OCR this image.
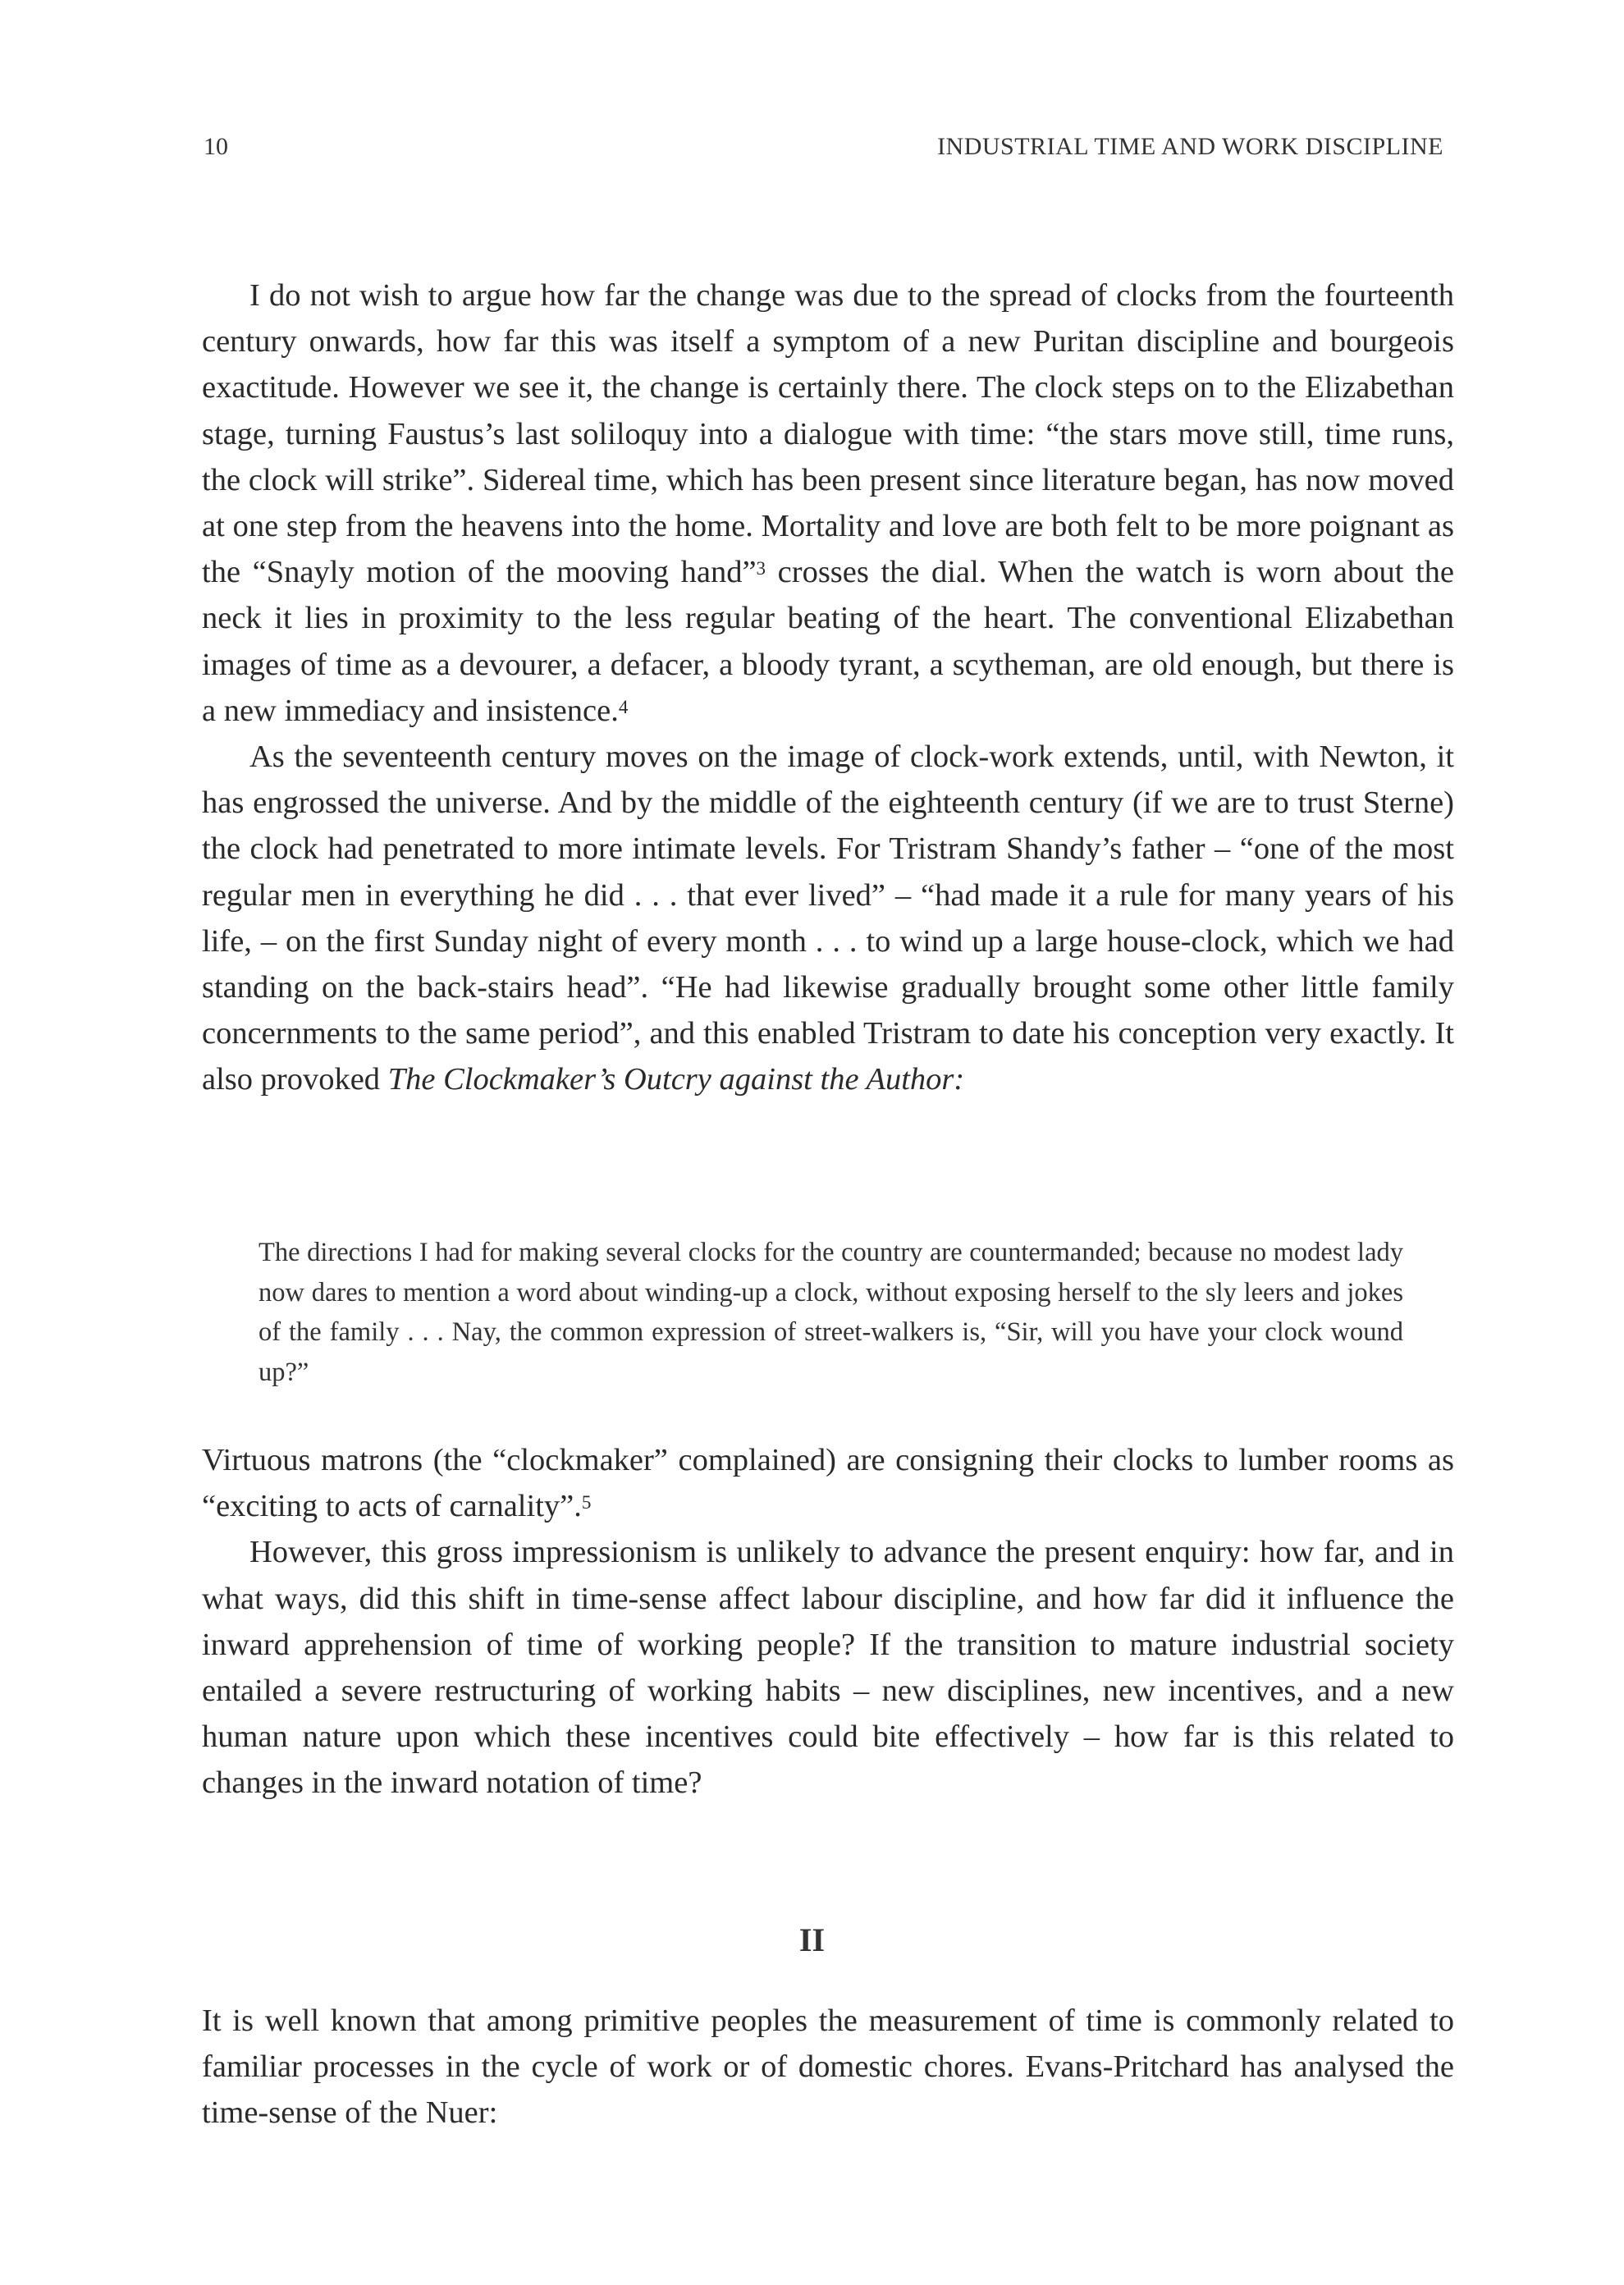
10	INDUSTRIAL TIME AND WORK DISCIPLINE

I do not wish to argue how far the change was due to the spread of clocks from the fourteenth century onwards, how far this was itself a symptom of a new Puritan discipline and bourgeois exactitude. However we see it, the change is certainly there. The clock steps on to the Elizabethan stage, turning Faustus’s last soliloquy into a dialogue with time: “the stars move still, time runs, the clock will strike”. Sidereal time, which has been present since literature began, has now moved at one step from the heavens into the home. Mortality and love are both felt to be more poignant as the “Snayly motion of the mooving hand”$^3$ crosses the dial. When the watch is worn about the neck it lies in proximity to the less regular beating of the heart. The conventional Elizabethan images of time as a devourer, a defacer, a bloody tyrant, a scytheman, are old enough, but there is a new immediacy and insistence.$^4$

As the seventeenth century moves on the image of clock-work extends, until, with Newton, it has engrossed the universe. And by the middle of the eighteenth century (if we are to trust Sterne) the clock had penetrated to more intimate levels. For Tristram Shandy’s father – “one of the most regular men in everything he did . . . that ever lived” – “had made it a rule for many years of his life, – on the first Sunday night of every month . . . to wind up a large house-clock, which we had standing on the back-stairs head”. “He had likewise gradually brought some other little family concernments to the same period”, and this enabled Tristram to date his conception very exactly. It also provoked The Clockmaker’s Outcry against the Author:

The directions I had for making several clocks for the country are countermanded; because no modest lady now dares to mention a word about winding-up a clock, without exposing herself to the sly leers and jokes of the family . . . Nay, the common expression of street-walkers is, “Sir, will you have your clock wound up?”

Virtuous matrons (the “clockmaker” complained) are consigning their clocks to lumber rooms as “exciting to acts of carnality”.$^5$

However, this gross impressionism is unlikely to advance the present enquiry: how far, and in what ways, did this shift in time-sense affect labour discipline, and how far did it influence the inward apprehension of time of working people? If the transition to mature industrial society entailed a severe restructuring of working habits – new disciplines, new incentives, and a new human nature upon which these incentives could bite effectively – how far is this related to changes in the inward notation of time?

II

It is well known that among primitive peoples the measurement of time is commonly related to familiar processes in the cycle of work or of domestic chores. Evans-Pritchard has analysed the time-sense of the Nuer:
